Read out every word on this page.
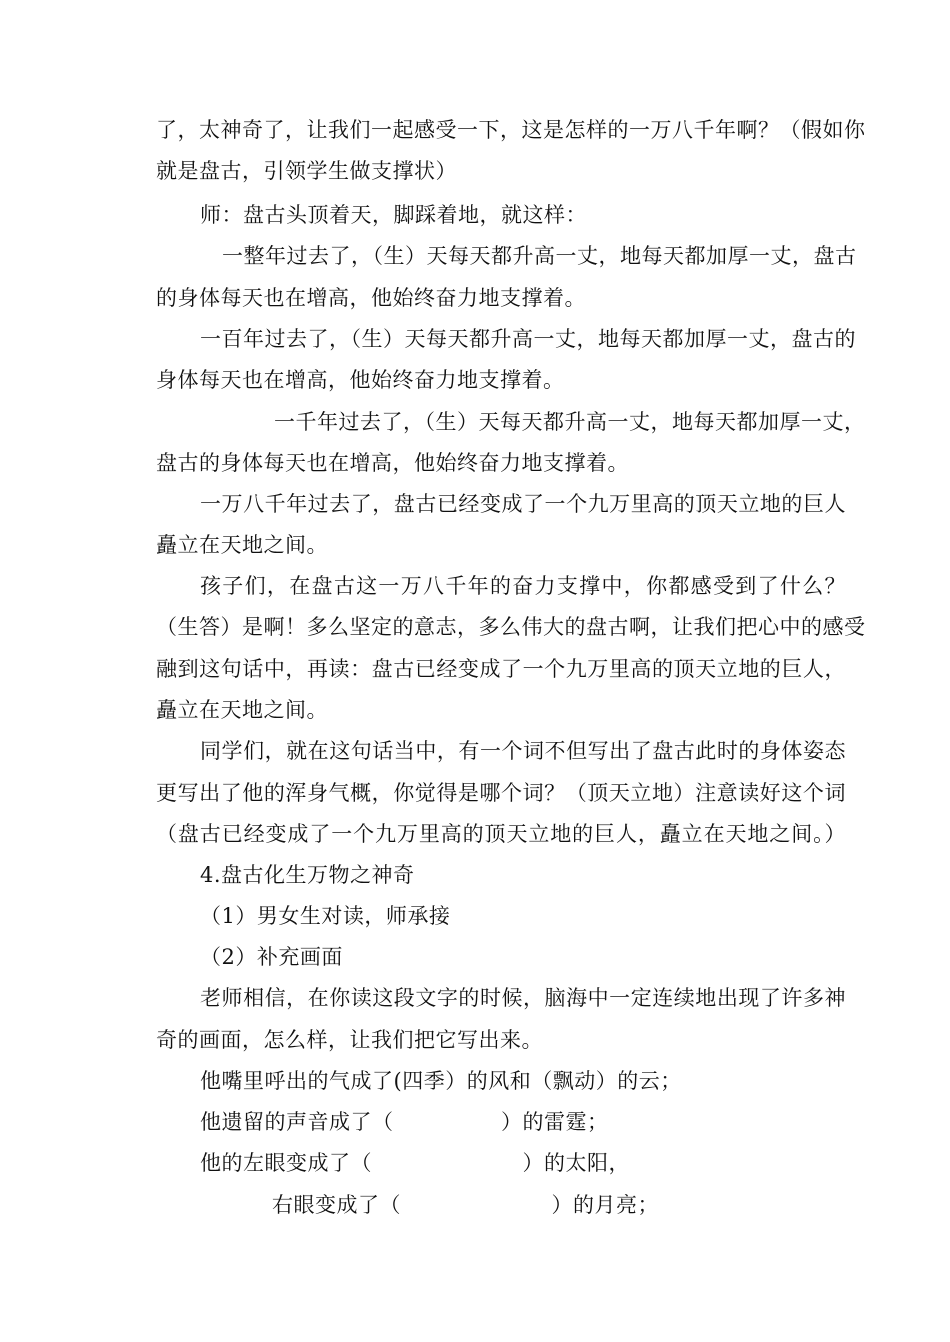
了，太神奇了，让我们一起感受一下，这是怎样的一万八千年啊？（假如你
就是盘古，引领学生做支撑状）
师：盘古头顶着天，脚踩着地，就这样：
一整年过去了，（生）天每天都升高一丈，地每天都加厚一丈，盘古
的身体每天也在增高，他始终奋力地支撑着。
一百年过去了，（生）天每天都升高一丈，地每天都加厚一丈，盘古的
身体每天也在增高，他始终奋力地支撑着。
一千年过去了，（生）天每天都升高一丈，地每天都加厚一丈，
盘古的身体每天也在增高，他始终奋力地支撑着。
一万八千年过去了，盘古已经变成了一个九万里高的顶天立地的巨人
矗立在天地之间。
孩子们，在盘古这一万八千年的奋力支撑中，你都感受到了什么？
（生答）是啊！多么坚定的意志，多么伟大的盘古啊，让我们把心中的感受
融到这句话中，再读：盘古已经变成了一个九万里高的顶天立地的巨人，
矗立在天地之间。
同学们，就在这句话当中，有一个词不但写出了盘古此时的身体姿态
更写出了他的浑身气概，你觉得是哪个词？（顶天立地）注意读好这个词
（盘古已经变成了一个九万里高的顶天立地的巨人，矗立在天地之间。）
4.盘古化生万物之神奇
（1）男女生对读，师承接
（2）补充画面
老师相信，在你读这段文字的时候，脑海中一定连续地出现了许多神
奇的画面，怎么样，让我们把它写出来。
他嘴里呼出的气成了(四季）的风和（飘动）的云；
他遗留的声音成了（　　　　　）的雷霆；
他的左眼变成了（　　　　　　　）的太阳，
右眼变成了（　　　　　　　）的月亮；
